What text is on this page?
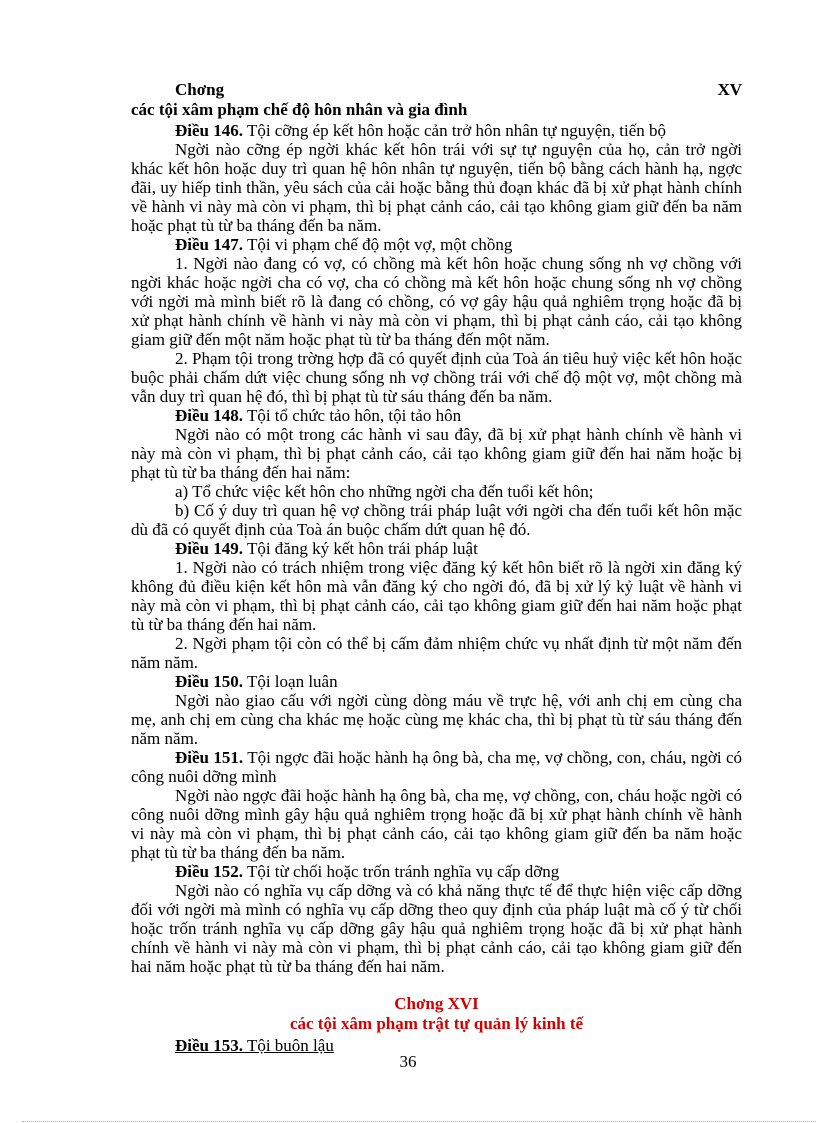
Chơng	XV
các tội xâm phạm chế độ hôn nhân và gia đình

Điều 146. Tội cỡng ép kết hôn hoặc cản trở hôn nhân tự nguyện, tiến bộ

Ngời nào cỡng ép ngời khác kết hôn trái với sự tự nguyện của họ, cản trở ngời khác kết hôn hoặc duy trì quan hệ hôn nhân tự nguyện, tiến bộ bằng cách hành hạ, ngợc đãi, uy hiếp tinh thần, yêu sách của cải hoặc bằng thủ đoạn khác đã bị xử phạt hành chính về hành vi này mà còn vi phạm, thì bị phạt cảnh cáo, cải tạo không giam giữ đến ba năm hoặc phạt tù từ ba tháng đến ba năm.

Điều 147. Tội vi phạm chế độ một vợ, một chồng

1. Ngời nào đang có vợ, có chồng mà kết hôn hoặc chung sống nh vợ chồng với ngời khác hoặc ngời cha có vợ, cha có chồng mà kết hôn hoặc chung sống nh vợ chồng với ngời mà mình biết rõ là đang có chồng, có vợ gây hậu quả nghiêm trọng hoặc đã bị xử phạt hành chính về hành vi này mà còn vi phạm, thì bị phạt cảnh cáo, cải tạo không giam giữ đến một năm hoặc phạt tù từ ba tháng đến một năm.

2. Phạm tội trong trờng hợp đã có quyết định của Toà án tiêu huỷ việc kết hôn hoặc buộc phải chấm dứt việc chung sống nh vợ chồng trái với chế độ một vợ, một chồng mà vẫn duy trì quan hệ đó, thì bị phạt tù từ sáu tháng đến ba năm.

Điều 148. Tội tổ chức tảo hôn, tội tảo hôn

Ngời nào có một trong các hành vi sau đây, đã bị xử phạt hành chính về hành vi này mà còn vi phạm, thì bị phạt cảnh cáo, cải tạo không giam giữ đến hai năm hoặc bị phạt tù từ ba tháng đến hai năm:

a) Tổ chức việc kết hôn cho những ngời cha đến tuổi kết hôn;

b) Cố ý duy trì quan hệ vợ chồng trái pháp luật với ngời cha đến tuổi kết hôn mặc dù đã có quyết định của Toà án buộc chấm dứt quan hệ đó.

Điều 149. Tội đăng ký kết hôn trái pháp luật

1. Ngời nào có trách nhiệm trong việc đăng ký kết hôn biết rõ là ngời xin đăng ký không đủ điều kiện kết hôn mà vẫn đăng ký cho ngời đó, đã bị xử lý kỷ luật về hành vi này mà còn vi phạm, thì bị phạt cảnh cáo, cải tạo không giam giữ đến hai năm hoặc phạt tù từ ba tháng đến hai năm.

2. Ngời phạm tội còn có thể bị cấm đảm nhiệm chức vụ nhất định từ một năm đến năm năm.

Điều 150. Tội loạn luân

Ngời nào giao cấu với ngời cùng dòng máu về trực hệ, với anh chị em cùng cha mẹ, anh chị em cùng cha khác mẹ hoặc cùng mẹ khác cha, thì bị phạt tù từ sáu tháng đến năm năm.

Điều 151. Tội ngợc đãi hoặc hành hạ ông bà, cha mẹ, vợ chồng, con, cháu, ngời có công nuôi dỡng mình

Ngời nào ngợc đãi hoặc hành hạ ông bà, cha mẹ, vợ chồng, con, cháu hoặc ngời có công nuôi dỡng mình gây hậu quả nghiêm trọng hoặc đã bị xử phạt hành chính về hành vi này mà còn vi phạm, thì bị phạt cảnh cáo, cải tạo không giam giữ đến ba năm hoặc phạt tù từ ba tháng đến ba năm.

Điều 152. Tội từ chối hoặc trốn tránh nghĩa vụ cấp dỡng

Ngời nào có nghĩa vụ cấp dỡng và có khả năng thực tế để thực hiện việc cấp dỡng đối với ngời mà mình có nghĩa vụ cấp dỡng theo quy định của pháp luật mà cố ý từ chối hoặc trốn tránh nghĩa vụ cấp dỡng gây hậu quả nghiêm trọng hoặc đã bị xử phạt hành chính về hành vi này mà còn vi phạm, thì bị phạt cảnh cáo, cải tạo không giam giữ đến hai năm hoặc phạt tù từ ba tháng đến hai năm.

Chơng XVI
các tội xâm phạm trật tự quản lý kinh tế

Điều 153. Tội buôn lậu

36
